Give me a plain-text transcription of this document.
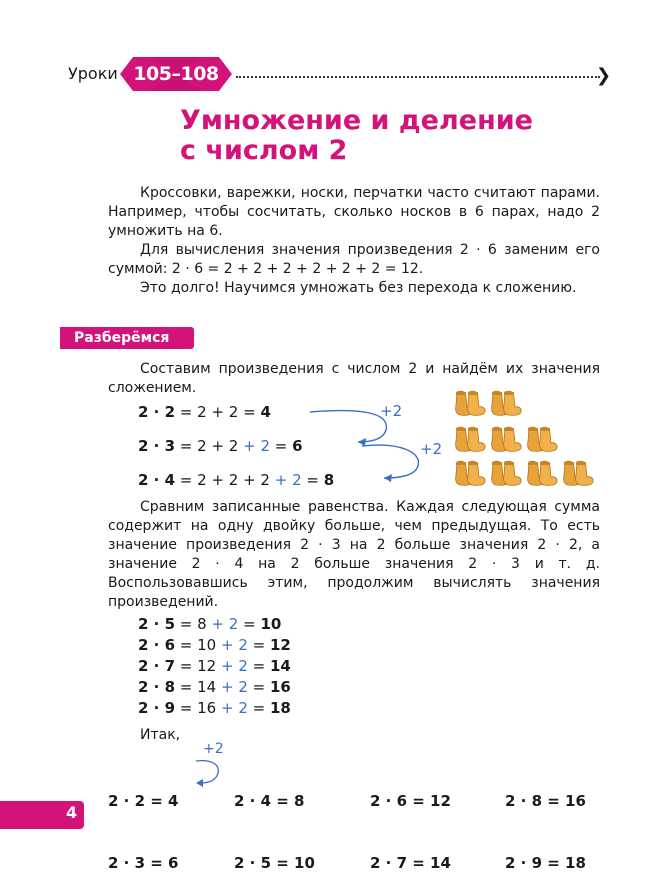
Уроки 105–108	❯
Умножение и деление
с числом 2
Кроссовки, варежки, носки, перчатки часто считают парами. Например, чтобы сосчитать, сколько носков в 6 парах, надо 2 умножить на 6.
Для вычисления значения произведения 2 · 6 заменим его суммой: 2 · 6 = 2 + 2 + 2 + 2 + 2 + 2 = 12.
Это долго! Научимся умножать без перехода к сложению.
Разберёмся
Составим произведения с числом 2 и найдём их значения сложением.
2 · 2 = 2 + 2 = 4
2 · 3 = 2 + 2 + 2 = 6
2 · 4 = 2 + 2 + 2 + 2 = 8
+2
+2
Сравним записанные равенства. Каждая следующая сумма содержит на одну двойку больше, чем предыдущая. То есть значение произведения 2 · 3 на 2 больше значения 2 · 2, а значение 2 · 4 на 2 больше значения 2 · 3 и т. д. Воспользовавшись этим, продолжим вычислять значения произведений.
2 · 5 = 8 + 2 = 10
2 · 6 = 10 + 2 = 12
2 · 7 = 12 + 2 = 14
2 · 8 = 14 + 2 = 16
2 · 9 = 16 + 2 = 18
Итак,
+2

2 · 2 = 4

2 · 3 = 6

2 · 4 = 8

2 · 5 = 10

2 · 6 = 12

2 · 7 = 14

2 · 8 = 16

2 · 9 = 18

4
